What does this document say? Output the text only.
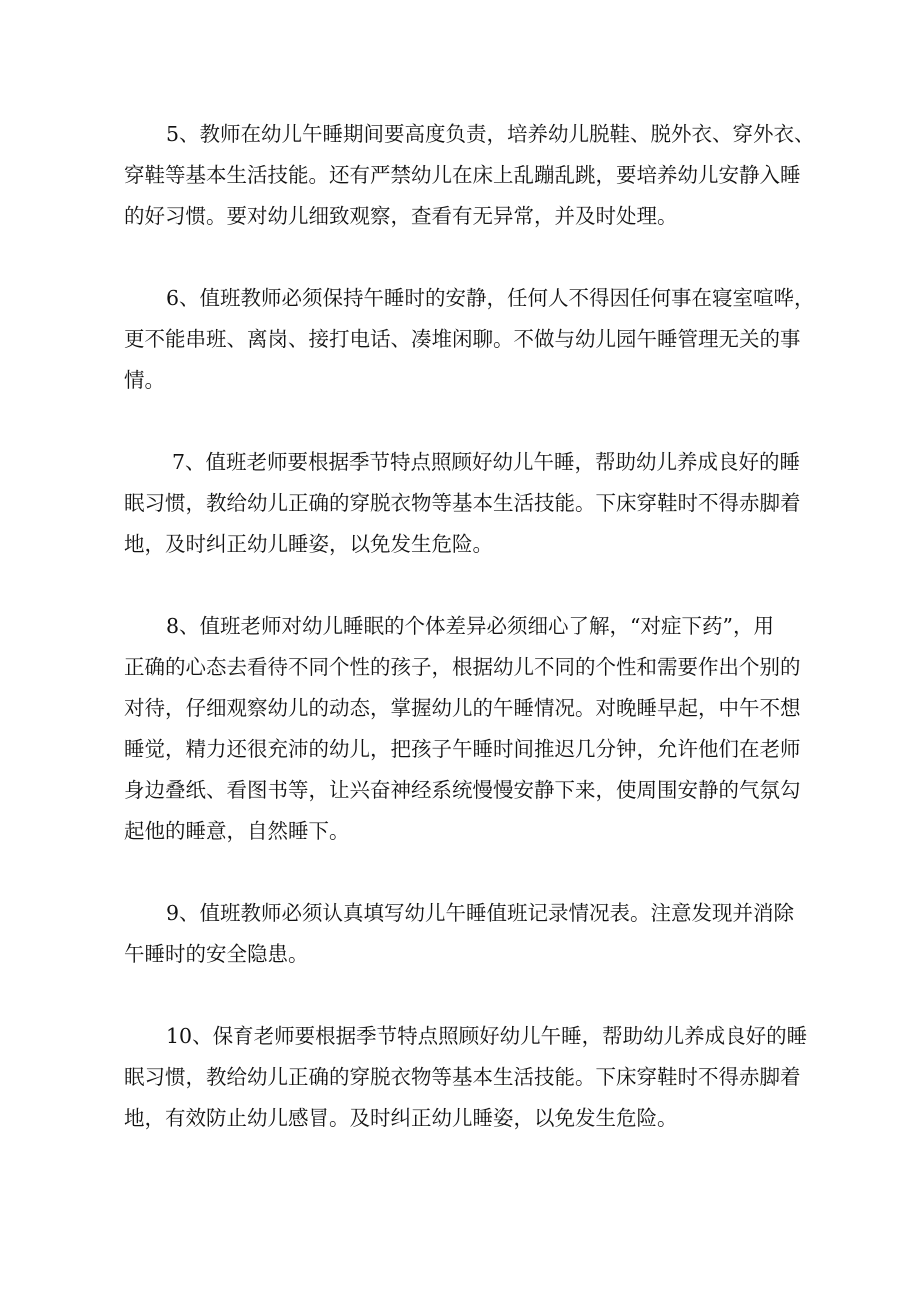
5、教师在幼儿午睡期间要高度负责，培养幼儿脱鞋、脱外衣、穿外衣、
穿鞋等基本生活技能。还有严禁幼儿在床上乱蹦乱跳，要培养幼儿安静入睡
的好习惯。要对幼儿细致观察，查看有无异常，并及时处理。
6、值班教师必须保持午睡时的安静，任何人不得因任何事在寝室喧哗，
更不能串班、离岗、接打电话、凑堆闲聊。不做与幼儿园午睡管理无关的事
情。
7、值班老师要根据季节特点照顾好幼儿午睡，帮助幼儿养成良好的睡
眠习惯，教给幼儿正确的穿脱衣物等基本生活技能。下床穿鞋时不得赤脚着
地，及时纠正幼儿睡姿，以免发生危险。
8、值班老师对幼儿睡眠的个体差异必须细心了解，“对症下药”，用
正确的心态去看待不同个性的孩子，根据幼儿不同的个性和需要作出个别的
对待，仔细观察幼儿的动态，掌握幼儿的午睡情况。对晚睡早起，中午不想
睡觉，精力还很充沛的幼儿，把孩子午睡时间推迟几分钟，允许他们在老师
身边叠纸、看图书等，让兴奋神经系统慢慢安静下来，使周围安静的气氛勾
起他的睡意，自然睡下。
9、值班教师必须认真填写幼儿午睡值班记录情况表。注意发现并消除
午睡时的安全隐患。
10、保育老师要根据季节特点照顾好幼儿午睡，帮助幼儿养成良好的睡
眠习惯，教给幼儿正确的穿脱衣物等基本生活技能。下床穿鞋时不得赤脚着
地，有效防止幼儿感冒。及时纠正幼儿睡姿，以免发生危险。
